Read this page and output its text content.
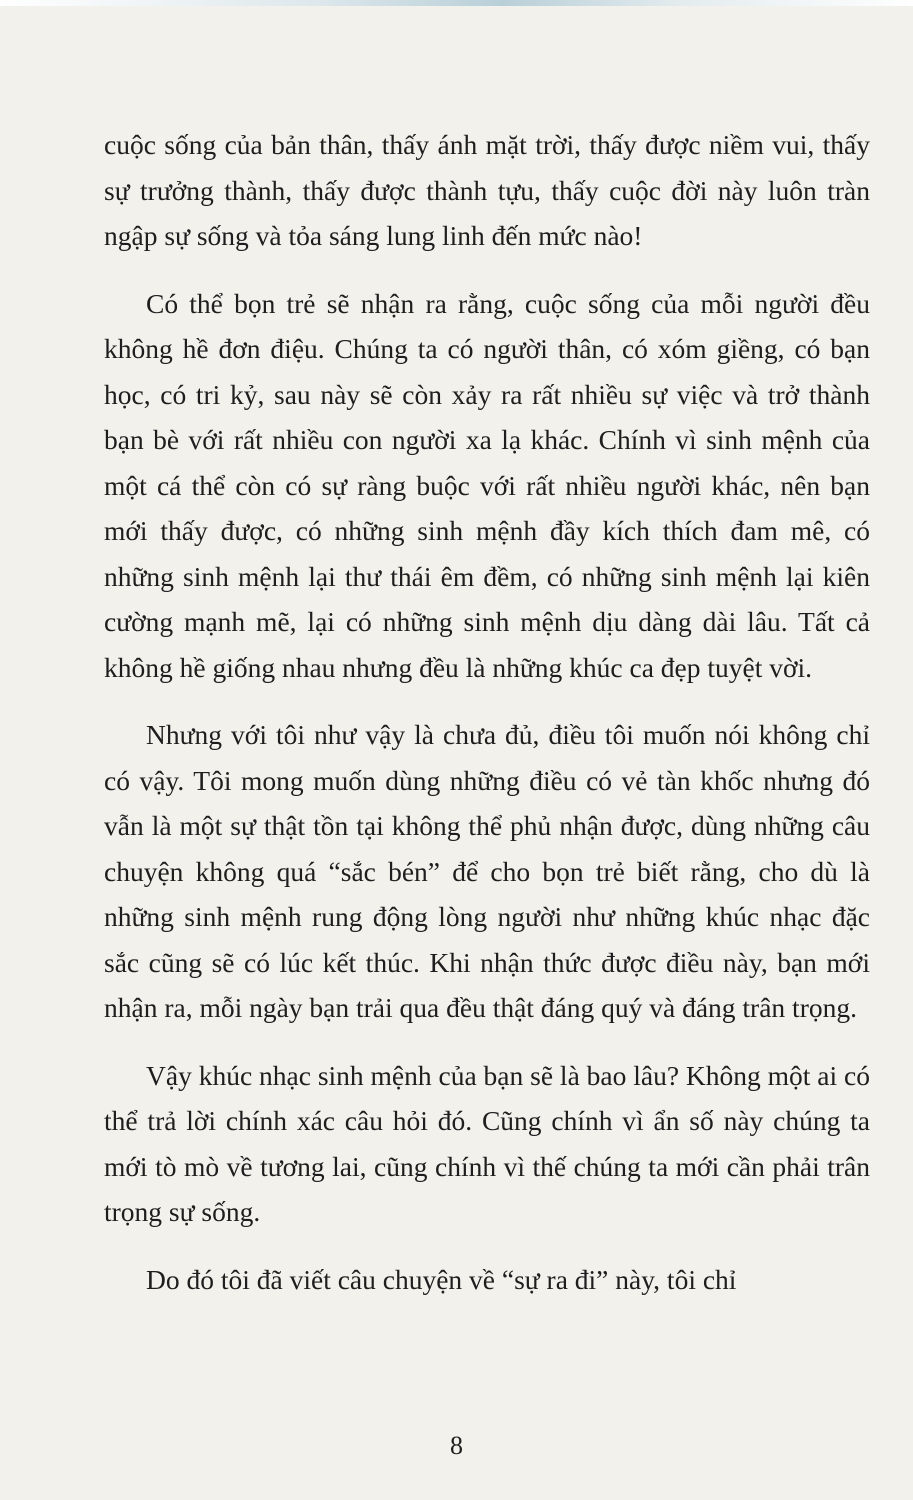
cuộc sống của bản thân, thấy ánh mặt trời, thấy được niềm vui, thấy sự trưởng thành, thấy được thành tựu, thấy cuộc đời này luôn tràn ngập sự sống và tỏa sáng lung linh đến mức nào!

Có thể bọn trẻ sẽ nhận ra rằng, cuộc sống của mỗi người đều không hề đơn điệu. Chúng ta có người thân, có xóm giềng, có bạn học, có tri kỷ, sau này sẽ còn xảy ra rất nhiều sự việc và trở thành bạn bè với rất nhiều con người xa lạ khác. Chính vì sinh mệnh của một cá thể còn có sự ràng buộc với rất nhiều người khác, nên bạn mới thấy được, có những sinh mệnh đầy kích thích đam mê, có những sinh mệnh lại thư thái êm đềm, có những sinh mệnh lại kiên cường mạnh mẽ, lại có những sinh mệnh dịu dàng dài lâu. Tất cả không hề giống nhau nhưng đều là những khúc ca đẹp tuyệt vời.

Nhưng với tôi như vậy là chưa đủ, điều tôi muốn nói không chỉ có vậy. Tôi mong muốn dùng những điều có vẻ tàn khốc nhưng đó vẫn là một sự thật tồn tại không thể phủ nhận được, dùng những câu chuyện không quá “sắc bén” để cho bọn trẻ biết rằng, cho dù là những sinh mệnh rung động lòng người như những khúc nhạc đặc sắc cũng sẽ có lúc kết thúc. Khi nhận thức được điều này, bạn mới nhận ra, mỗi ngày bạn trải qua đều thật đáng quý và đáng trân trọng.

Vậy khúc nhạc sinh mệnh của bạn sẽ là bao lâu? Không một ai có thể trả lời chính xác câu hỏi đó. Cũng chính vì ẩn số này chúng ta mới tò mò về tương lai, cũng chính vì thế chúng ta mới cần phải trân trọng sự sống.

Do đó tôi đã viết câu chuyện về “sự ra đi” này, tôi chỉ

8
